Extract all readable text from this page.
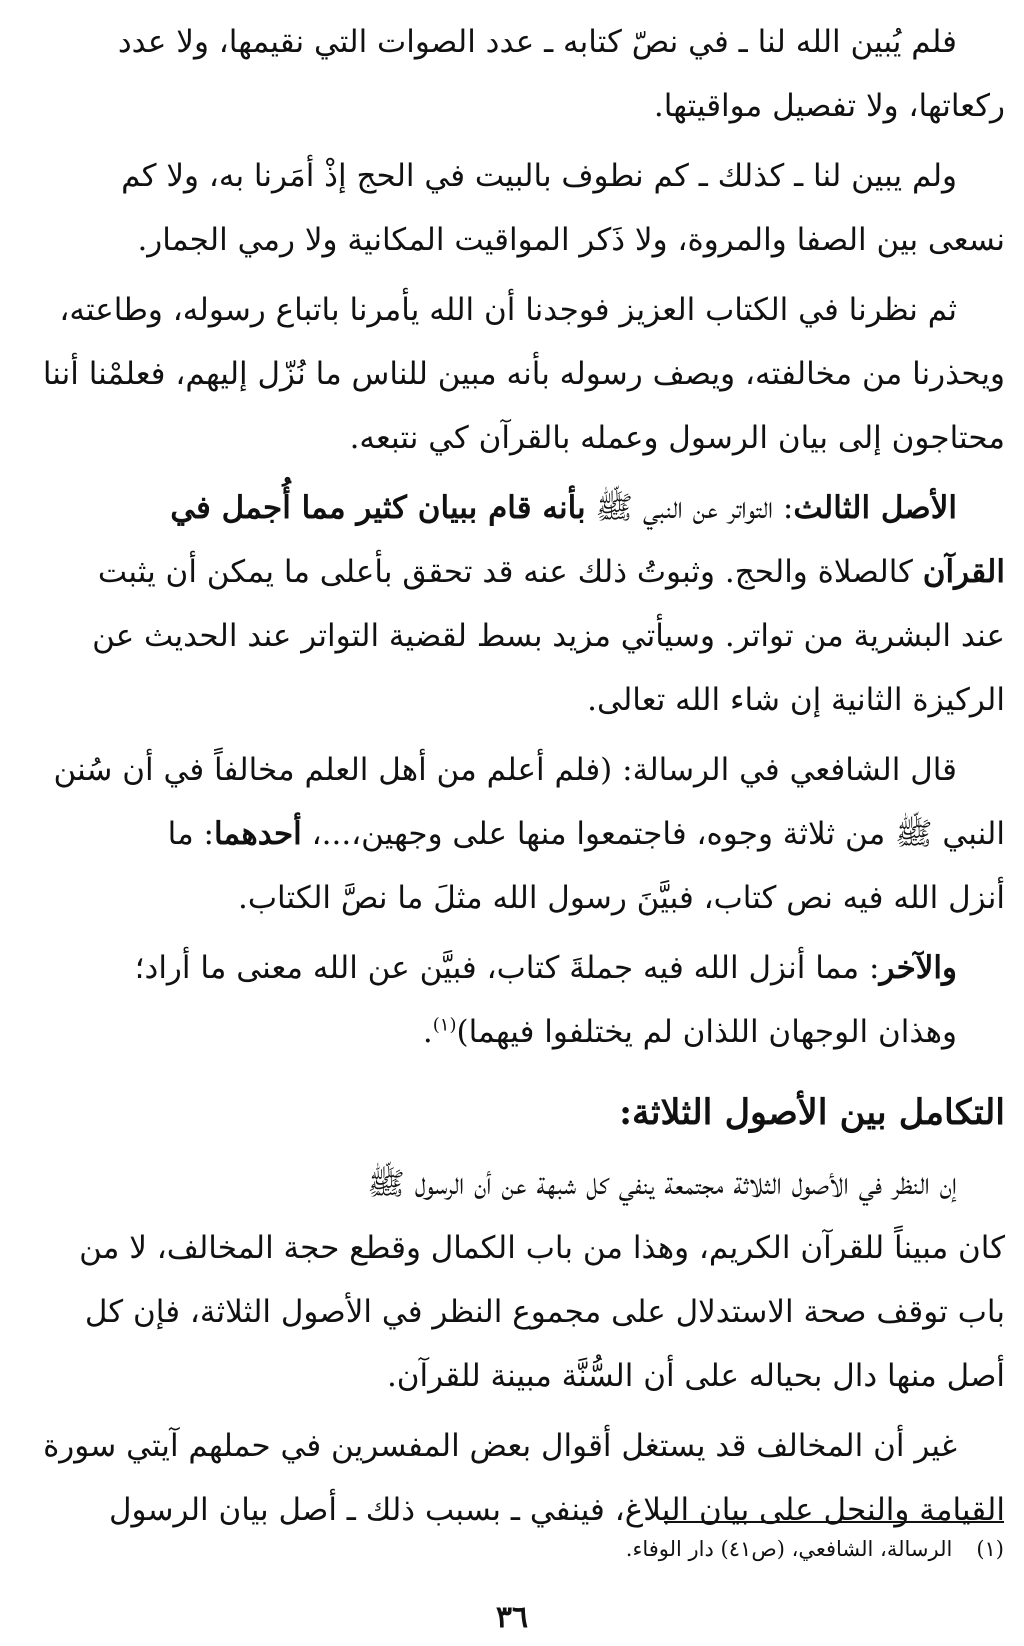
فلم يُبين الله لنا ـ في نصّ كتابه ـ عدد الصوات التي نقيمها، ولا عدد
ركعاتها، ولا تفصيل مواقيتها.

ولم يبين لنا ـ كذلك ـ كم نطوف بالبيت في الحج إذْ أمَرنا به، ولا كم
نسعى بين الصفا والمروة، ولا ذَكر المواقيت المكانية ولا رمي الجمار.

ثم نظرنا في الكتاب العزيز فوجدنا أن الله يأمرنا باتباع رسوله، وطاعته،
ويحذرنا من مخالفته، ويصف رسوله بأنه مبين للناس ما نُزّل إليهم، فعلمْنا أننا
محتاجون إلى بيان الرسول وعمله بالقرآن كي نتبعه.

الأصل الثالث: التواتر عن النبي ﷺ بأنه قام ببيان كثير مما أُجمل في
القرآن كالصلاة والحج. وثبوتُ ذلك عنه قد تحقق بأعلى ما يمكن أن يثبت
عند البشرية من تواتر. وسيأتي مزيد بسط لقضية التواتر عند الحديث عن
الركيزة الثانية إن شاء الله تعالى.

قال الشافعي في الرسالة: (فلم أعلم من أهل العلم مخالفاً في أن سُنن
النبي ﷺ من ثلاثة وجوه، فاجتمعوا منها على وجهين،...، أحدهما: ما
أنزل الله فيه نص كتاب، فبيَّنَ رسول الله مثلَ ما نصَّ الكتاب.

والآخر: مما أنزل الله فيه جملةَ كتاب، فبيَّن عن الله معنى ما أراد؛
وهذان الوجهان اللذان لم يختلفوا فيهما)$^{(١)}$.

التكامل بين الأصول الثلاثة:

إن النظر في الأصول الثلاثة مجتمعة ينفي كل شبهة عن أن الرسول ﷺ
كان مبيناً للقرآن الكريم، وهذا من باب الكمال وقطع حجة المخالف، لا من
باب توقف صحة الاستدلال على مجموع النظر في الأصول الثلاثة، فإن كل
أصل منها دال بحياله على أن السُّنَّة مبينة للقرآن.

غير أن المخالف قد يستغل أقوال بعض المفسرين في حملهم آيتي سورة
القيامة والنحل على بيان البلاغ، فينفي ـ بسبب ذلك ـ أصل بيان الرسول

(١)الرسالة، الشافعي، (ص٤١) دار الوفاء.
٣٦
